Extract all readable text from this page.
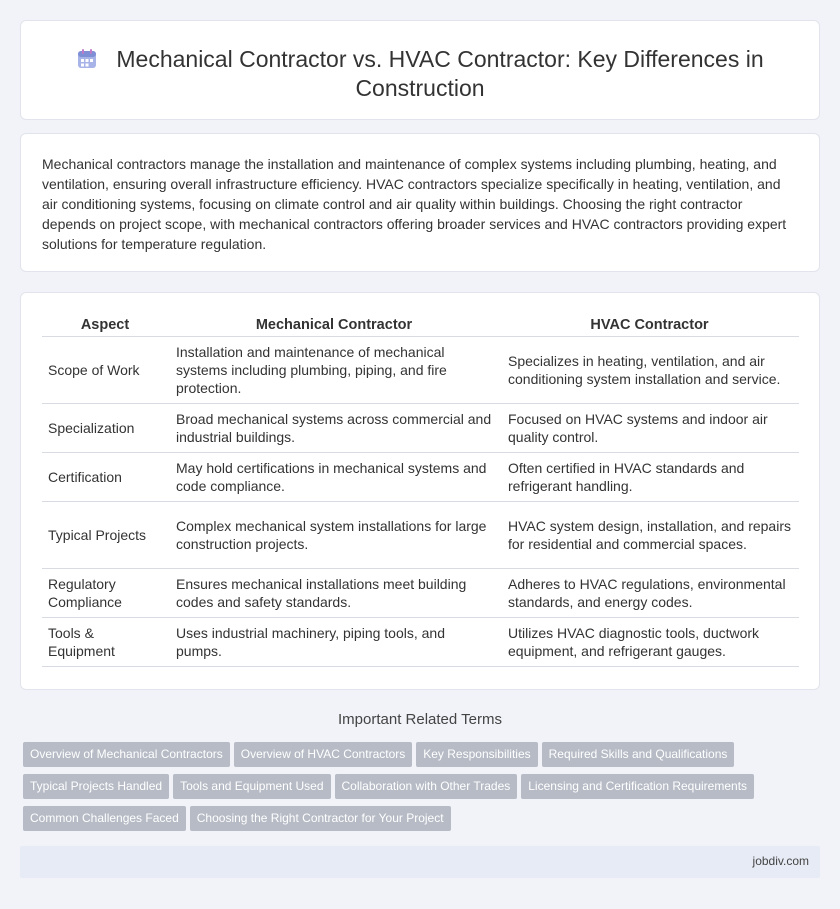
Mechanical Contractor vs. HVAC Contractor: Key Differences in Construction

Mechanical contractors manage the installation and maintenance of complex systems including plumbing, heating, and ventilation, ensuring overall infrastructure efficiency. HVAC contractors specialize specifically in heating, ventilation, and air conditioning systems, focusing on climate control and air quality within buildings. Choosing the right contractor depends on project scope, with mechanical contractors offering broader services and HVAC contractors providing expert solutions for temperature regulation.

Aspect	Mechanical Contractor	HVAC Contractor
Scope of Work	Installation and maintenance of mechanical systems including plumbing, piping, and fire protection.	Specializes in heating, ventilation, and air conditioning system installation and service.
Specialization	Broad mechanical systems across commercial and industrial buildings.	Focused on HVAC systems and indoor air quality control.
Certification	May hold certifications in mechanical systems and code compliance.	Often certified in HVAC standards and refrigerant handling.
Typical Projects	Complex mechanical system installations for large construction projects.	HVAC system design, installation, and repairs for residential and commercial spaces.
Regulatory Compliance	Ensures mechanical installations meet building codes and safety standards.	Adheres to HVAC regulations, environmental standards, and energy codes.
Tools & Equipment	Uses industrial machinery, piping tools, and pumps.	Utilizes HVAC diagnostic tools, ductwork equipment, and refrigerant gauges.
Important Related Terms
Overview of Mechanical Contractors Overview of HVAC Contractors Key Responsibilities Required Skills and Qualifications
Typical Projects Handled Tools and Equipment Used Collaboration with Other Trades Licensing and Certification Requirements
Common Challenges Faced Choosing the Right Contractor for Your Project
jobdiv.com
